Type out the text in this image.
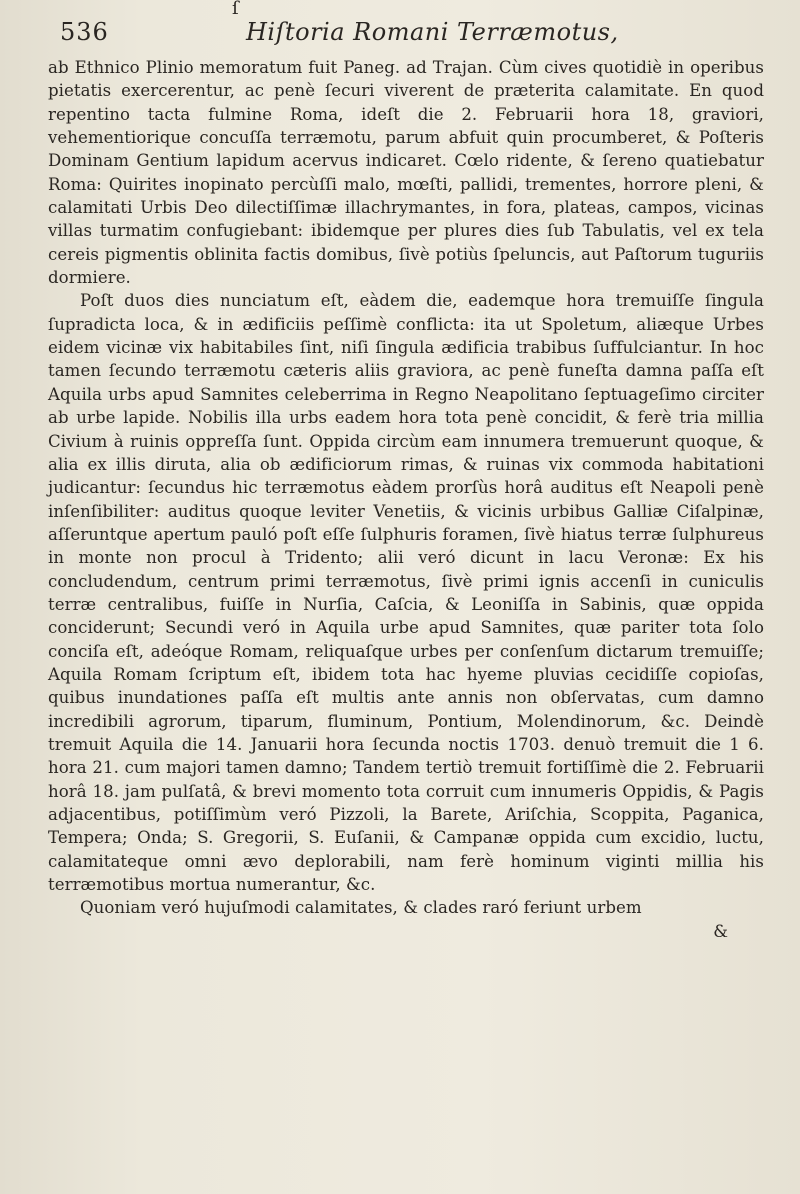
ſ
536	Hiſtoria Romani Terræmotus,

ab Ethnico Plinio memoratum fuit Paneg. ad Trajan. Cùm cives quotidiè in operibus pietatis exercerentur, ac penè ſecuri viverent de præterita calamitate. En quod repentino tacta fulmine Roma, ideſt die 2. Februarii hora 18, graviori, vehementiorique concuſſa terræmotu, parum abfuit quin procumberet, & Poſteris Dominam Gentium lapidum acervus indicaret. Cœlo ridente, & ſereno quatiebatur Roma: Quirites inopinato percùſſi malo, mœſti, pallidi, trementes, horrore pleni, & calamitati Urbis Deo dilectiſſimæ illachrymantes, in fora, plateas, campos, vicinas villas turmatim confugiebant: ibidemque per plures dies ſub Tabulatis, vel ex tela cereis pigmentis oblinita factis domibus, ſivè potiùs ſpeluncis, aut Paſtorum tuguriis dormiere.

Poſt duos dies nunciatum eſt, eàdem die, eademque hora tremuiſſe ſingula ſupradicta loca, & in ædificiis peſſimè conflicta: ita ut Spoletum, aliæque Urbes eidem vicinæ vix habitabiles ſint, niſi ſingula ædificia trabibus ſuffulciantur. In hoc tamen ſecundo terræmotu cæteris aliis graviora, ac penè funeſta damna paſſa eſt Aquila urbs apud Samnites celeberrima in Regno Neapolitano ſeptuageſimo circiter ab urbe lapide. Nobilis illa urbs eadem hora tota penè concidit, & ferè tria millia Civium à ruinis oppreſſa ſunt. Oppida circùm eam innumera tremuerunt quoque, & alia ex illis diruta, alia ob ædificiorum rimas, & ruinas vix commoda habitationi judicantur: ſecundus hic terræmotus eàdem prorſùs horâ auditus eſt Neapoli penè inſenſibiliter: auditus quoque leviter Venetiis, & vicinis urbibus Galliæ Ciſalpinæ, aſſeruntque apertum pauló poſt eſſe ſulphuris foramen, ſivè hiatus terræ ſulphureus in monte non procul à Tridento; alii veró dicunt in lacu Veronæ: Ex his concludendum, centrum primi terræmotus, ſivè primi ignis accenſi in cuniculis terræ centralibus, fuiſſe in Nurſia, Caſcia, & Leoniſſa in Sabinis, quæ oppida conciderunt; Secundi veró in Aquila urbe apud Samnites, quæ pariter tota ſolo conciſa eſt, adeóque Romam, reliquaſque urbes per conſenſum dictarum tremuiſſe; Aquila Romam ſcriptum eſt, ibidem tota hac hyeme pluvias cecidiſſe copioſas, quibus inundationes paſſa eſt multis ante annis non obſervatas, cum damno incredibili agrorum, tiparum, fluminum, Pontium, Molendinorum, &c. Deindè tremuit Aquila die 14. Januarii hora ſecunda noctis 1703. denuò tremuit die 1 6. hora 21. cum majori tamen damno; Tandem tertiò tremuit fortiſſimè die 2. Februarii horâ 18. jam pulſatâ, & brevi momento tota corruit cum innumeris Oppidis, & Pagis adjacentibus, potiſſimùm veró Pizzoli, la Barete, Ariſchia, Scoppita, Paganica, Tempera; Onda; S. Gregorii, S. Euſanii, & Campanæ oppida cum excidio, luctu, calamitateque omni ævo deplorabili, nam ferè hominum viginti millia his terræmotibus mortua numerantur, &c.

Quoniam veró hujuſmodi calamitates, & clades raró feriunt urbem

&
